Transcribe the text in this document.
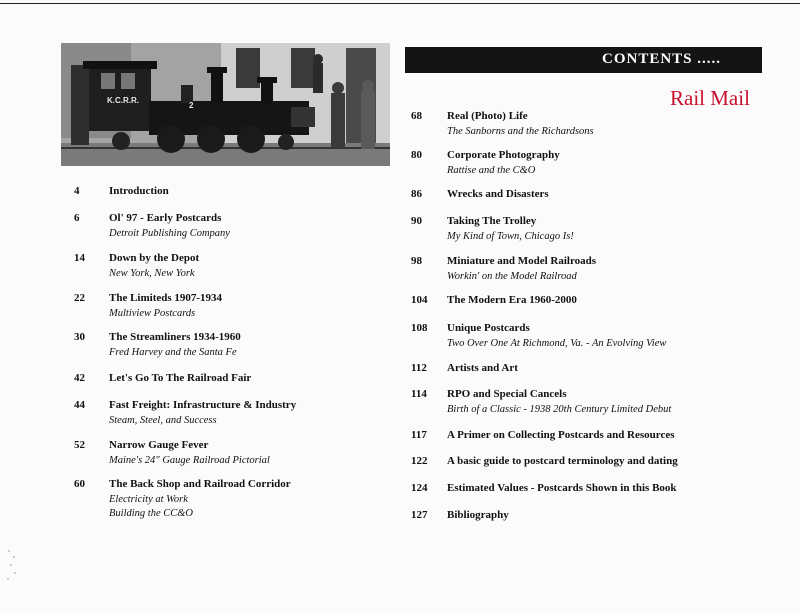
K.C.R.R.
2
CONTENTS .....
Rail Mail
4	Introduction
6	Ol' 97 - Early Postcards
Detroit Publishing Company
14 Down by the Depot
New York, New York
22 The Limiteds 1907-1934
Multiview Postcards
30 The Streamliners 1934-1960
Fred Harvey and the Santa Fe
42 Let's Go To The Railroad Fair
44 Fast Freight: Infrastructure & Industry
Steam, Steel, and Success
52 Narrow Gauge Fever
Maine's 24" Gauge Railroad Pictorial
60 The Back Shop and Railroad Corridor
Electricity at Work
Building the CC&O
68 Real (Photo) Life
The Sanborns and the Richardsons
80 Corporate Photography
Rattise and the C&O
86 Wrecks and Disasters
90 Taking The Trolley
My Kind of Town, Chicago Is!
98 Miniature and Model Railroads
Workin' on the Model Railroad
104 The Modern Era 1960-2000
108 Unique Postcards
Two Over One At Richmond, Va. - An Evolving View
112 Artists and Art
114 RPO and Special Cancels
Birth of a Classic - 1938 20th Century Limited Debut
117 A Primer on Collecting Postcards and Resources
122 A basic guide to postcard terminology and dating
124 Estimated Values - Postcards Shown in this Book
127 Bibliography
